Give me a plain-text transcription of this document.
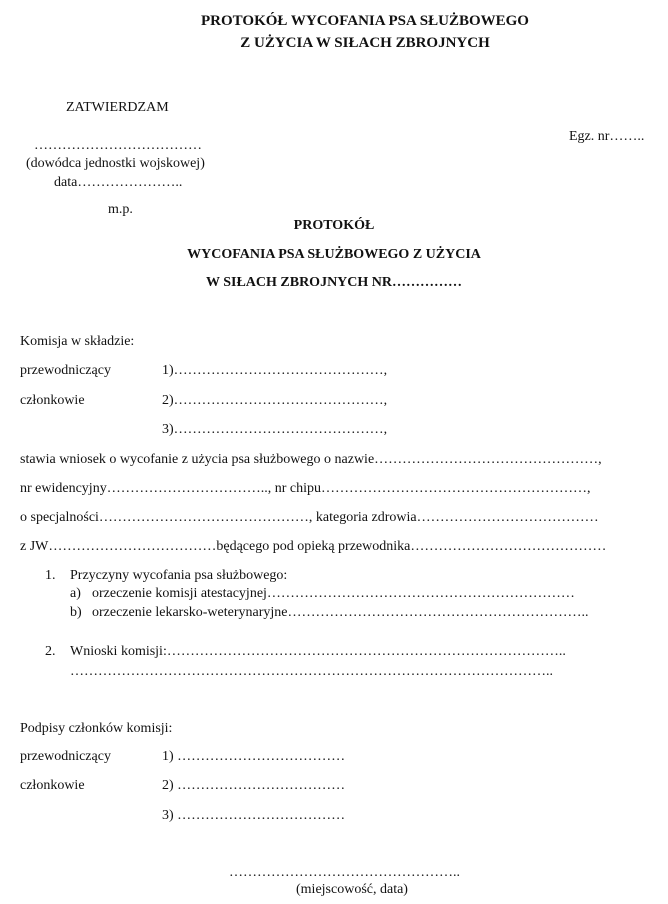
PROTOKÓŁ WYCOFANIA PSA SŁUŻBOWEGO
Z UŻYCIA W SIŁACH ZBROJNYCH
ZATWIERDZAM
………………………………
(dowódca jednostki wojskowej)
data…………………..
m.p.
Egz. nr……..
PROTOKÓŁ
WYCOFANIA PSA SŁUŻBOWEGO Z UŻYCIA
W SIŁACH ZBROJNYCH NR……………
Komisja w składzie:
przewodniczący	1)………………………………………,
członkowie	2)………………………………………,
3)………………………………………,
stawia wniosek o wycofanie z użycia psa służbowego o nazwie…………………………………………,
nr ewidencyjny…………………………….., nr chipu…………………………………………………,
o specjalności………………………………………, kategoria zdrowia…………………………………
z JW………………………………będącego pod opieką przewodnika……………………………………
1. Przyczyny wycofania psa służbowego:
a) orzeczenie komisji atestacyjnej…………………………………………………………
b) orzeczenie lekarsko-weterynaryjne………………………………………………………..
2. Wnioski komisji:…………………………………………………………………………..
…………………………………………………………………………………………..
Podpisy członków komisji:
przewodniczący	1) ………………………………
członkowie	2) ………………………………
3) ………………………………
…………………………………………..
(miejscowość, data)
